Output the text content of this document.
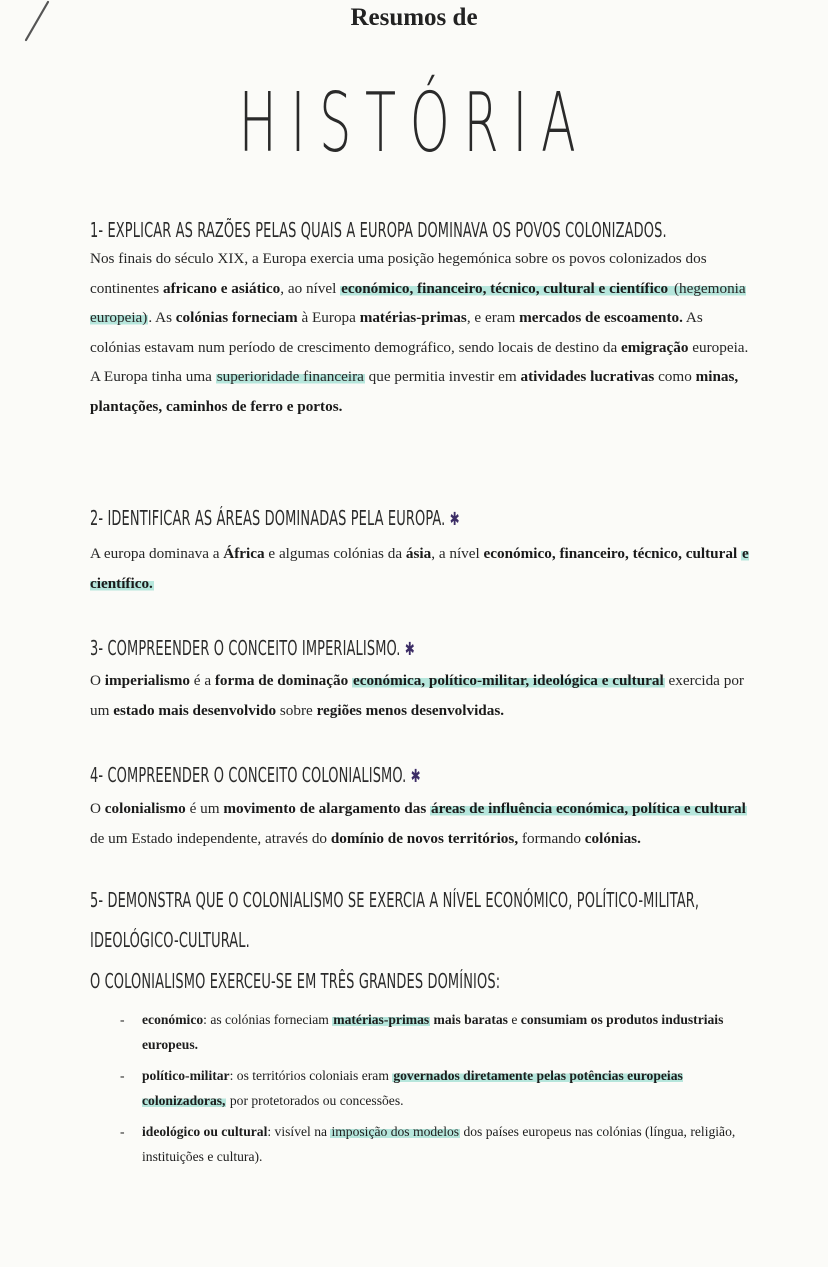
Resumos de
HISTÓRIA
1- EXPLICAR AS RAZÕES PELAS QUAIS A EUROPA DOMINAVA OS POVOS COLONIZADOS.
Nos finais do século XIX, a Europa exercia uma posição hegemónica sobre os povos colonizados dos continentes africano e asiático, ao nível económico, financeiro, técnico, cultural e científico (hegemonia europeia). As colónias forneciam à Europa matérias-primas, e eram mercados de escoamento. As colónias estavam num período de crescimento demográfico, sendo locais de destino da emigração europeia. A Europa tinha uma superioridade financeira que permitia investir em atividades lucrativas como minas, plantações, caminhos de ferro e portos.
2- IDENTIFICAR AS ÁREAS DOMINADAS PELA EUROPA. ✱
A europa dominava a África e algumas colónias da ásia, a nível económico, financeiro, técnico, cultural e científico.
3- COMPREENDER O CONCEITO IMPERIALISMO. ✱
O imperialismo é a forma de dominação económica, político-militar, ideológica e cultural exercida por um estado mais desenvolvido sobre regiões menos desenvolvidas.
4- COMPREENDER O CONCEITO COLONIALISMO. ✱
O colonialismo é um movimento de alargamento das áreas de influência económica, política e cultural de um Estado independente, através do domínio de novos territórios, formando colónias.
5- DEMONSTRA QUE O COLONIALISMO SE EXERCIA A NÍVEL ECONÓMICO, POLÍTICO-MILITAR,
IDEOLÓGICO-CULTURAL.
O COLONIALISMO EXERCEU-SE EM TRÊS GRANDES DOMÍNIOS:
- económico: as colónias forneciam matérias-primas mais baratas e consumiam os produtos industriais europeus.
- político-militar: os territórios coloniais eram governados diretamente pelas potências europeias colonizadoras, por protetorados ou concessões.
- ideológico ou cultural: visível na imposição dos modelos dos países europeus nas colónias (língua, religião, instituições e cultura).
